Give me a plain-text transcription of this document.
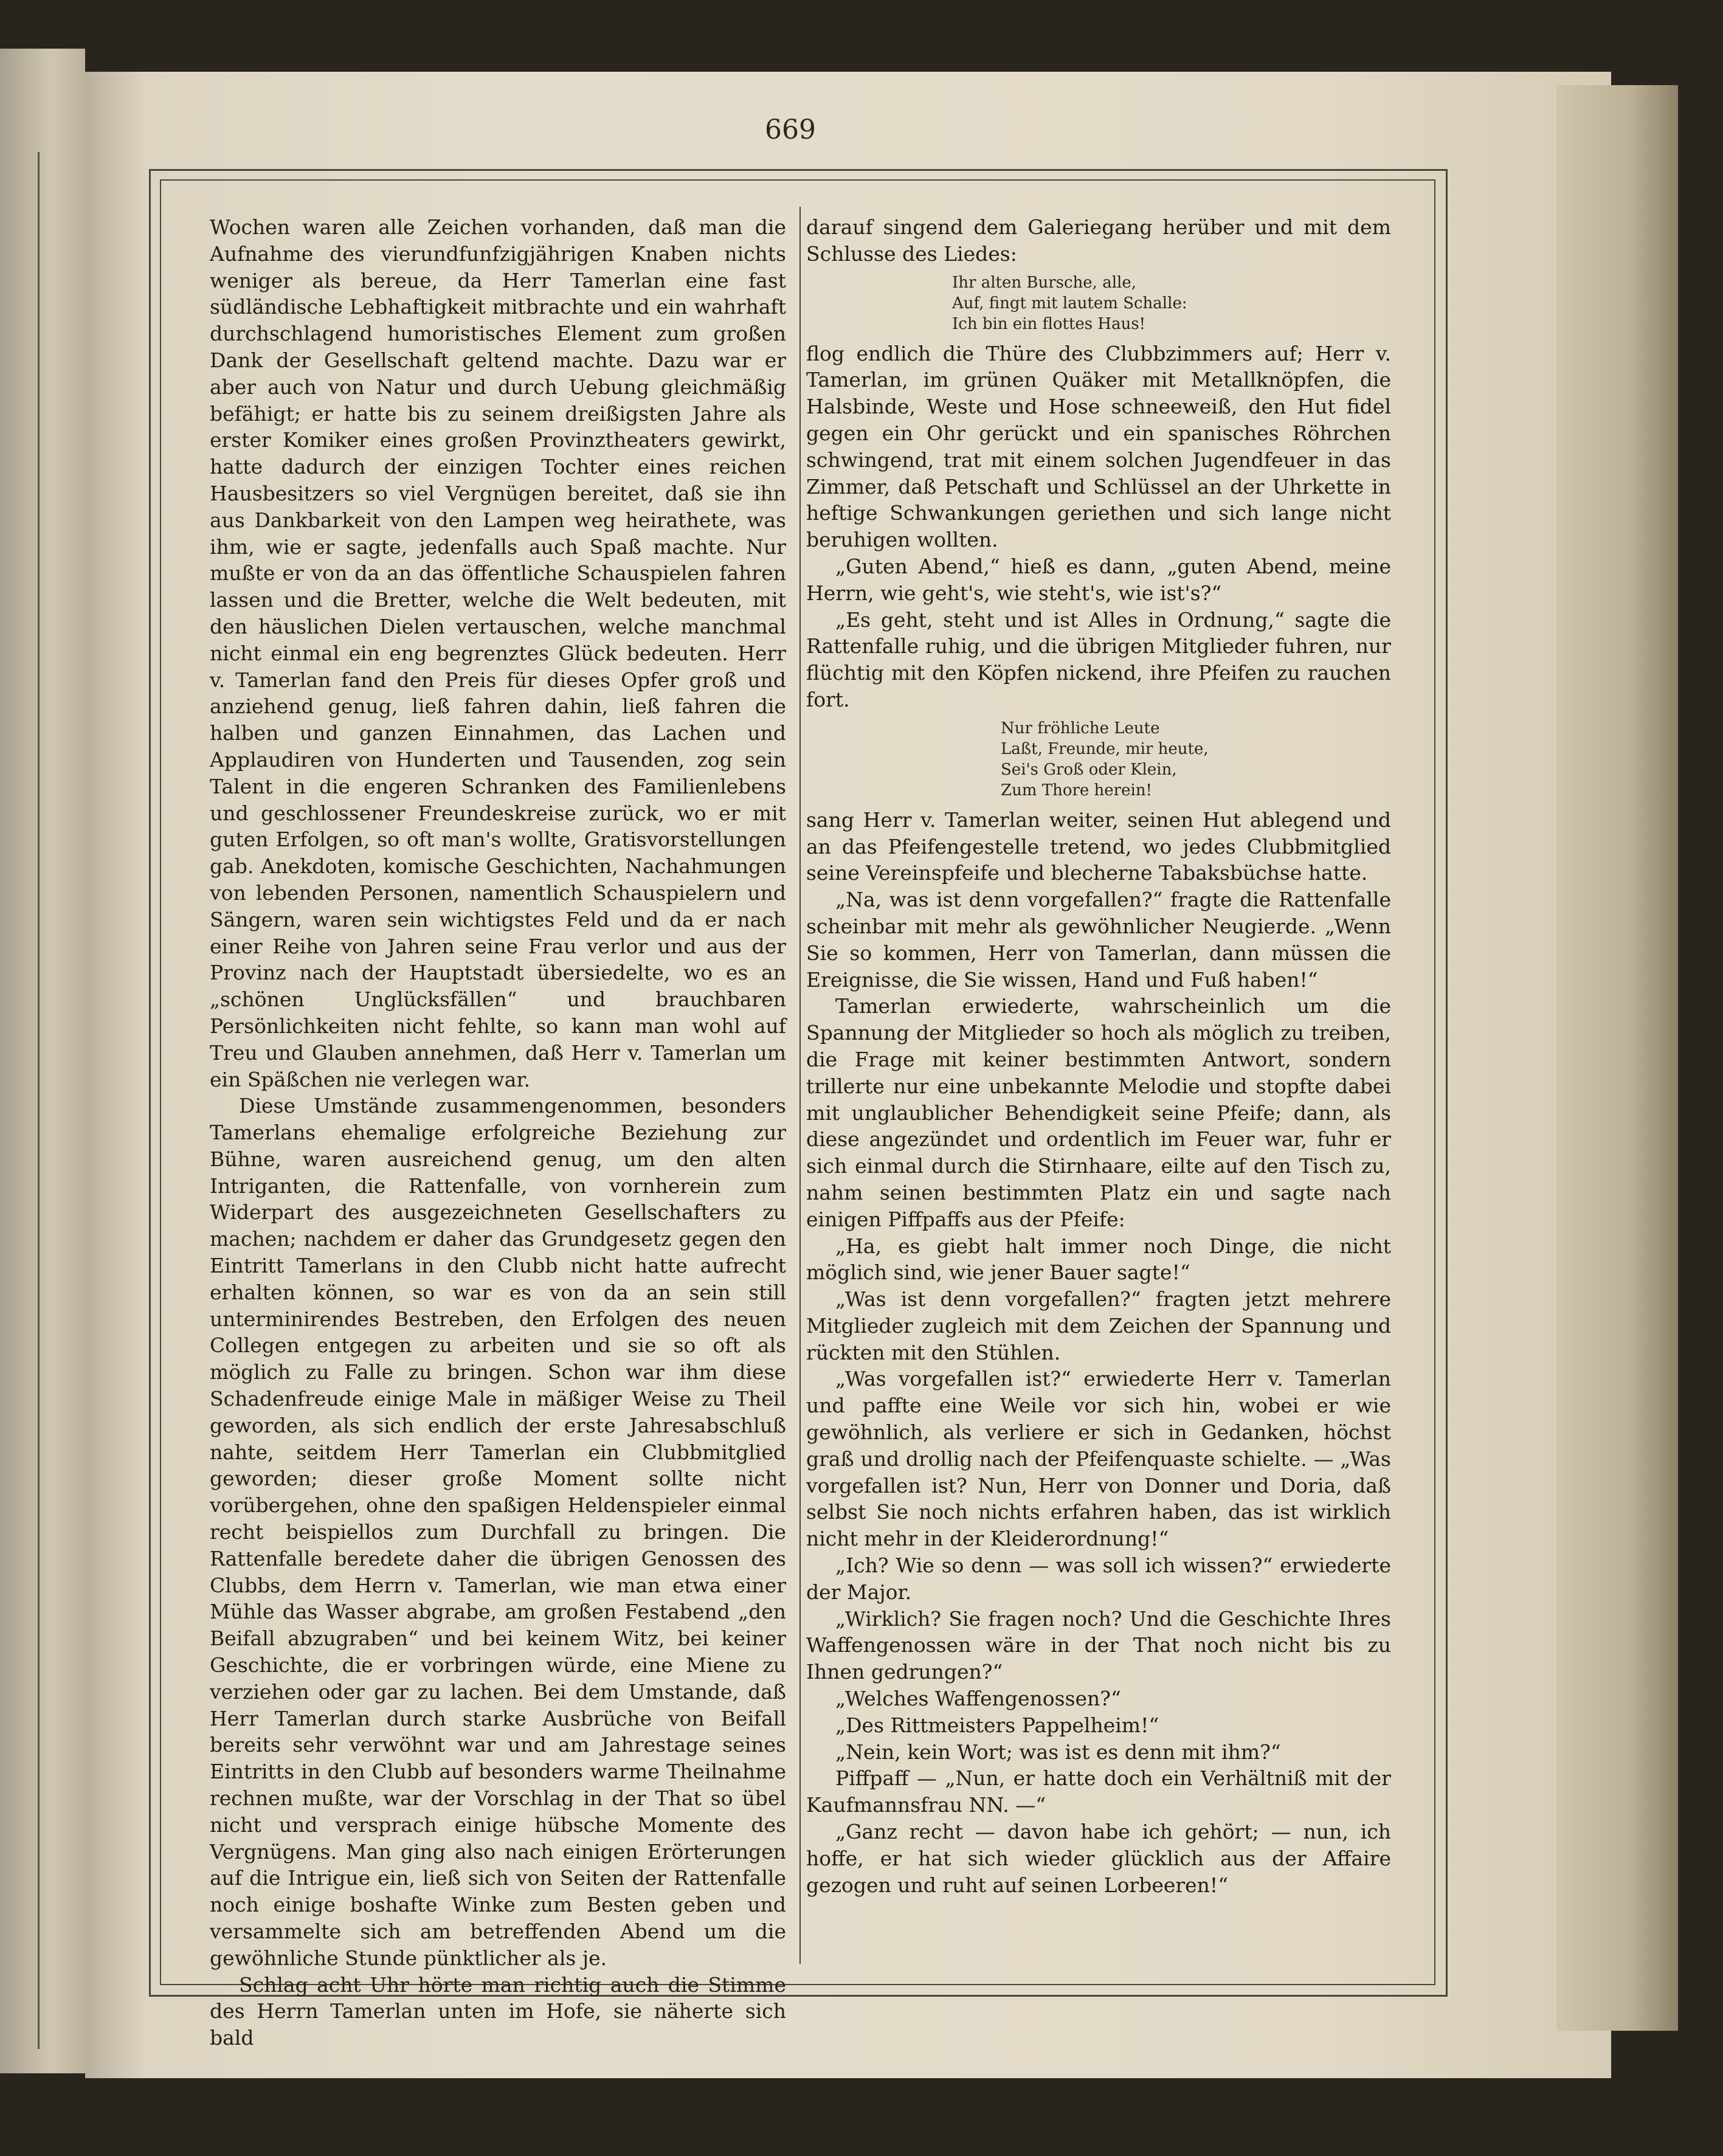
669

Wochen waren alle Zeichen vorhanden, daß man die Aufnahme des vierundfunfzigjährigen Knaben nichts weniger als bereue, da Herr Tamerlan eine fast südländische Lebhaftigkeit mitbrachte und ein wahrhaft durchschlagend humoristisches Element zum großen Dank der Gesellschaft geltend machte. Dazu war er aber auch von Natur und durch Uebung gleichmäßig befähigt; er hatte bis zu seinem dreißigsten Jahre als erster Komiker eines großen Provinztheaters gewirkt, hatte dadurch der einzigen Tochter eines reichen Hausbesitzers so viel Vergnügen bereitet, daß sie ihn aus Dankbarkeit von den Lampen weg heirathete, was ihm, wie er sagte, jedenfalls auch Spaß machte. Nur mußte er von da an das öffentliche Schauspielen fahren lassen und die Bretter, welche die Welt bedeuten, mit den häuslichen Dielen vertauschen, welche manchmal nicht einmal ein eng begrenztes Glück bedeuten. Herr v. Tamerlan fand den Preis für dieses Opfer groß und anziehend genug, ließ fahren dahin, ließ fahren die halben und ganzen Einnahmen, das Lachen und Applaudiren von Hunderten und Tausenden, zog sein Talent in die engeren Schranken des Familienlebens und geschlossener Freundeskreise zurück, wo er mit guten Erfolgen, so oft man's wollte, Gratisvorstellungen gab. Anekdoten, komische Geschichten, Nachahmungen von lebenden Personen, namentlich Schauspielern und Sängern, waren sein wichtigstes Feld und da er nach einer Reihe von Jahren seine Frau verlor und aus der Provinz nach der Hauptstadt übersiedelte, wo es an „schönen Unglücksfällen“ und brauchbaren Persönlichkeiten nicht fehlte, so kann man wohl auf Treu und Glauben annehmen, daß Herr v. Tamerlan um ein Späßchen nie verlegen war.

Diese Umstände zusammengenommen, besonders Tamerlans ehemalige erfolgreiche Beziehung zur Bühne, waren ausreichend genug, um den alten Intriganten, die Rattenfalle, von vornherein zum Widerpart des ausgezeichneten Gesellschafters zu machen; nachdem er daher das Grundgesetz gegen den Eintritt Tamerlans in den Clubb nicht hatte aufrecht erhalten können, so war es von da an sein still unterminirendes Bestreben, den Erfolgen des neuen Collegen entgegen zu arbeiten und sie so oft als möglich zu Falle zu bringen. Schon war ihm diese Schadenfreude einige Male in mäßiger Weise zu Theil geworden, als sich endlich der erste Jahresabschluß nahte, seitdem Herr Tamerlan ein Clubbmitglied geworden; dieser große Moment sollte nicht vorübergehen, ohne den spaßigen Heldenspieler einmal recht beispiellos zum Durchfall zu bringen. Die Rattenfalle beredete daher die übrigen Genossen des Clubbs, dem Herrn v. Tamerlan, wie man etwa einer Mühle das Wasser abgrabe, am großen Festabend „den Beifall abzugraben“ und bei keinem Witz, bei keiner Geschichte, die er vorbringen würde, eine Miene zu verziehen oder gar zu lachen. Bei dem Umstande, daß Herr Tamerlan durch starke Ausbrüche von Beifall bereits sehr verwöhnt war und am Jahrestage seines Eintritts in den Clubb auf besonders warme Theilnahme rechnen mußte, war der Vorschlag in der That so übel nicht und versprach einige hübsche Momente des Vergnügens. Man ging also nach einigen Erörterungen auf die Intrigue ein, ließ sich von Seiten der Rattenfalle noch einige boshafte Winke zum Besten geben und versammelte sich am betreffenden Abend um die gewöhnliche Stunde pünktlicher als je.

Schlag acht Uhr hörte man richtig auch die Stimme des Herrn Tamerlan unten im Hofe, sie näherte sich bald

darauf singend dem Galeriegang herüber und mit dem Schlusse des Liedes:

Ihr alten Bursche, alle,
Auf, fingt mit lautem Schalle:
Ich bin ein flottes Haus!

flog endlich die Thüre des Clubbzimmers auf; Herr v. Tamerlan, im grünen Quäker mit Metallknöpfen, die Halsbinde, Weste und Hose schneeweiß, den Hut fidel gegen ein Ohr gerückt und ein spanisches Röhrchen schwingend, trat mit einem solchen Jugendfeuer in das Zimmer, daß Petschaft und Schlüssel an der Uhrkette in heftige Schwankungen geriethen und sich lange nicht beruhigen wollten.

„Guten Abend,“ hieß es dann, „guten Abend, meine Herrn, wie geht's, wie steht's, wie ist's?“

„Es geht, steht und ist Alles in Ordnung,“ sagte die Rattenfalle ruhig, und die übrigen Mitglieder fuhren, nur flüchtig mit den Köpfen nickend, ihre Pfeifen zu rauchen fort.

Nur fröhliche Leute
Laßt, Freunde, mir heute,
Sei's Groß oder Klein,
Zum Thore herein!

sang Herr v. Tamerlan weiter, seinen Hut ablegend und an das Pfeifengestelle tretend, wo jedes Clubbmitglied seine Vereinspfeife und blecherne Tabaksbüchse hatte.

„Na, was ist denn vorgefallen?“ fragte die Rattenfalle scheinbar mit mehr als gewöhnlicher Neugierde. „Wenn Sie so kommen, Herr von Tamerlan, dann müssen die Ereignisse, die Sie wissen, Hand und Fuß haben!“

Tamerlan erwiederte, wahrscheinlich um die Spannung der Mitglieder so hoch als möglich zu treiben, die Frage mit keiner bestimmten Antwort, sondern trillerte nur eine unbekannte Melodie und stopfte dabei mit unglaublicher Behendigkeit seine Pfeife; dann, als diese angezündet und ordentlich im Feuer war, fuhr er sich einmal durch die Stirnhaare, eilte auf den Tisch zu, nahm seinen bestimmten Platz ein und sagte nach einigen Piffpaffs aus der Pfeife:

„Ha, es giebt halt immer noch Dinge, die nicht möglich sind, wie jener Bauer sagte!“

„Was ist denn vorgefallen?“ fragten jetzt mehrere Mitglieder zugleich mit dem Zeichen der Spannung und rückten mit den Stühlen.

„Was vorgefallen ist?“ erwiederte Herr v. Tamerlan und paffte eine Weile vor sich hin, wobei er wie gewöhnlich, als verliere er sich in Gedanken, höchst graß und drollig nach der Pfeifenquaste schielte. — „Was vorgefallen ist? Nun, Herr von Donner und Doria, daß selbst Sie noch nichts erfahren haben, das ist wirklich nicht mehr in der Kleiderordnung!“

„Ich? Wie so denn — was soll ich wissen?“ erwiederte der Major.

„Wirklich? Sie fragen noch? Und die Geschichte Ihres Waffengenossen wäre in der That noch nicht bis zu Ihnen gedrungen?“

„Welches Waffengenossen?“

„Des Rittmeisters Pappelheim!“

„Nein, kein Wort; was ist es denn mit ihm?“

Piffpaff — „Nun, er hatte doch ein Verhältniß mit der Kaufmannsfrau NN. —“

„Ganz recht — davon habe ich gehört; — nun, ich hoffe, er hat sich wieder glücklich aus der Affaire gezogen und ruht auf seinen Lorbeeren!“
